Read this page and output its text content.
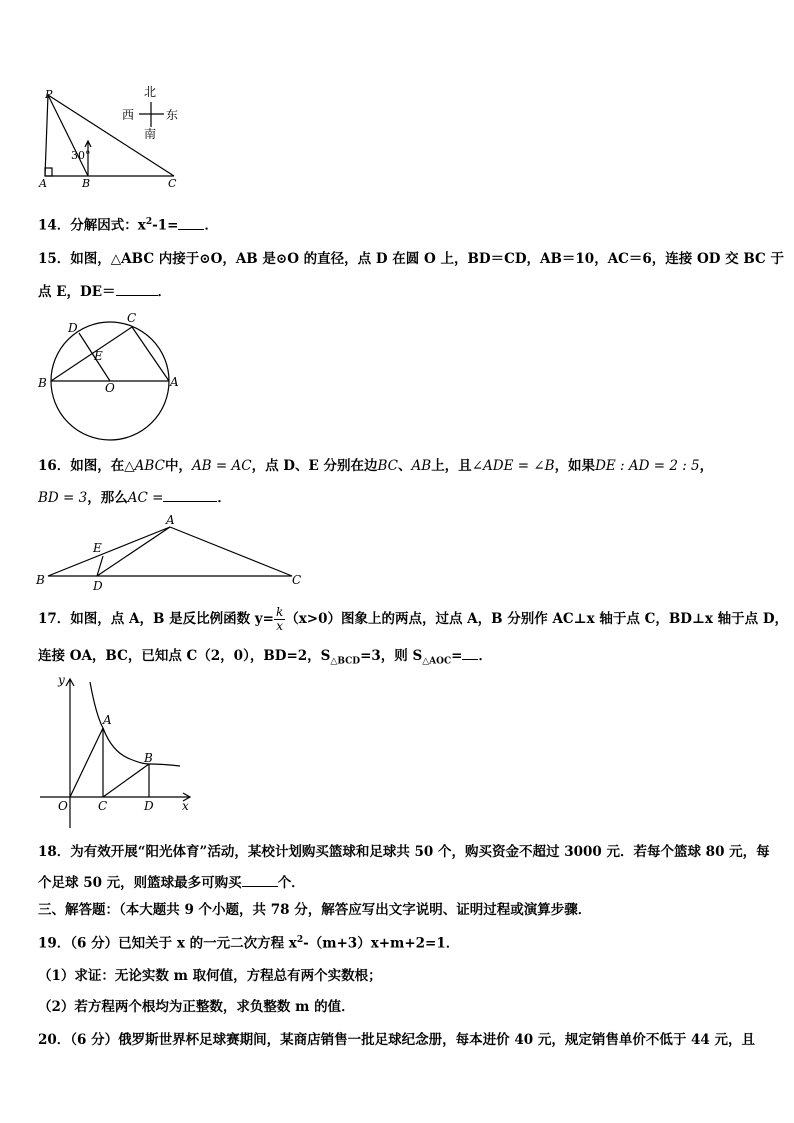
P
A	B	C
30°
北
南
西	东
14．分解因式：$x^2-1=$ ．
15．如图，△ABC 内接于⊙O，AB 是⊙O 的直径，点 D 在圆 O 上，BD＝CD，AB＝10，AC＝6，连接 OD 交 BC 于
点 E，DE＝	．
D
C
E
B	O	A
16．如图，在△ABC中，AB = AC，点 D、E 分别在边BC、AB上，且∠ADE = ∠B，如果DE : AD = 2 : 5，
BD = 3，那么AC =	．
A
E
B	D	C
17．如图，点 A，B 是反比例函数 $y= \frac{k}{x} (x>0)$图象上的两点，过点 A，B 分别作 AC⊥x 轴于点 C，BD⊥x 轴于点 D，
连接 OA，BC，已知点 C（2，0），BD=2，$S_{\triangle BCD}=3$，则 $S_{\triangle AOC}=$ ．
y
x
A
B
O	C	D
18．为有效开展“阳光体育”活动，某校计划购买篮球和足球共 50 个，购买资金不超过 3000 元．若每个篮球 80 元，每
个足球 50 元，则篮球最多可购买	个．
三、解答题：（本大题共 9 个小题，共 78 分，解答应写出文字说明、证明过程或演算步骤．
19．（6 分）已知关于 x 的一元二次方程 $x^2-(m+3)x+m+2=1$．
（1）求证：无论实数 m 取何值，方程总有两个实数根；
（2）若方程两个根均为正整数，求负整数 m 的值．
20．（6 分）俄罗斯世界杯足球赛期间，某商店销售一批足球纪念册，每本进价 40 元，规定销售单价不低于 44 元，且
